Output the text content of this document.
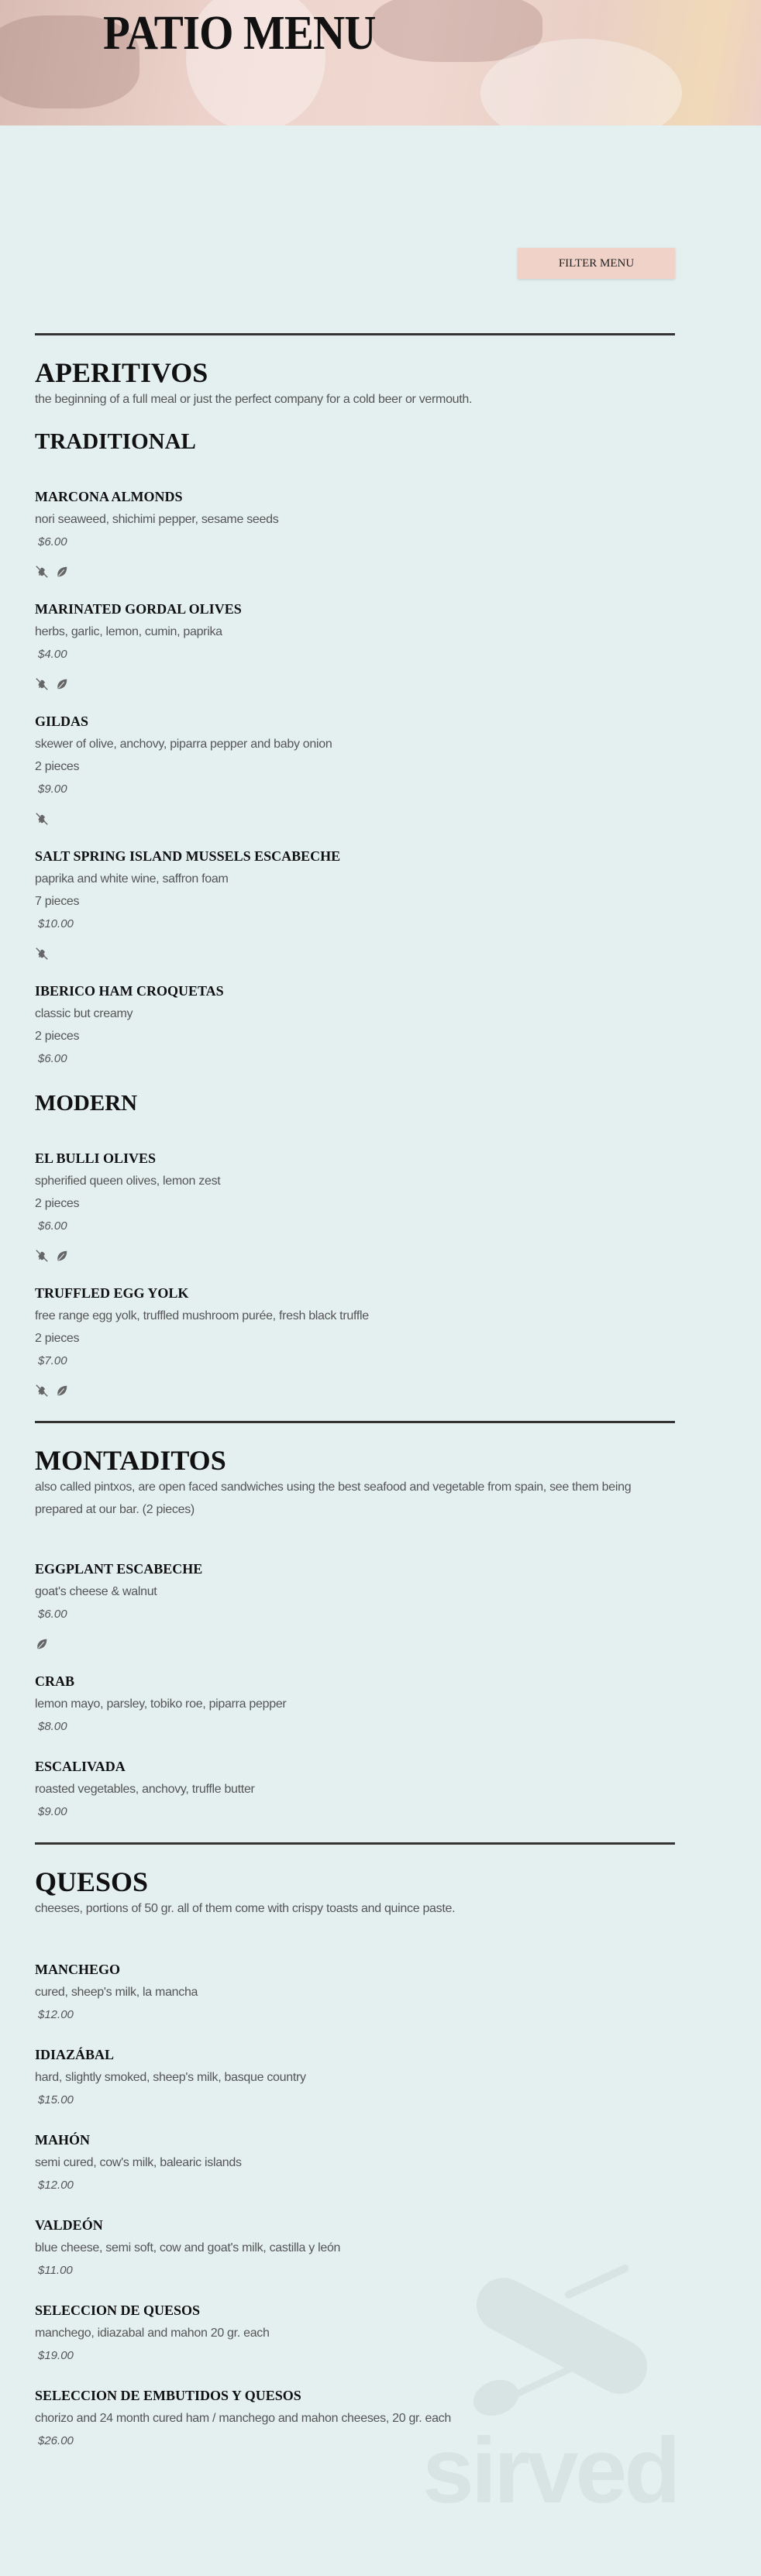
PATIO MENU
FILTER MENU
APERITIVOS
the beginning of a full meal or just the perfect company for a cold beer or vermouth.
TRADITIONAL
MARCONA ALMONDS
nori seaweed, shichimi pepper, sesame seeds
$6.00
MARINATED GORDAL OLIVES
herbs, garlic, lemon, cumin, paprika
$4.00
GILDAS
skewer of olive, anchovy, piparra pepper and baby onion
2 pieces
$9.00
SALT SPRING ISLAND MUSSELS ESCABECHE
paprika and white wine, saffron foam
7 pieces
$10.00
IBERICO HAM CROQUETAS
classic but creamy
2 pieces
$6.00
MODERN
EL BULLI OLIVES
spherified queen olives, lemon zest
2 pieces
$6.00
TRUFFLED EGG YOLK
free range egg yolk, truffled mushroom purée, fresh black truffle
2 pieces
$7.00
MONTADITOS
also called pintxos, are open faced sandwiches using the best seafood and vegetable from spain, see them being prepared at our bar. (2 pieces)
EGGPLANT ESCABECHE
goat's cheese & walnut
$6.00
CRAB
lemon mayo, parsley, tobiko roe, piparra pepper
$8.00
ESCALIVADA
roasted vegetables, anchovy, truffle butter
$9.00
QUESOS
cheeses, portions of 50 gr. all of them come with crispy toasts and quince paste.
MANCHEGO
cured, sheep's milk, la mancha
$12.00
IDIAZÁBAL
hard, slightly smoked, sheep's milk, basque country
$15.00
MAHÓN
semi cured, cow's milk, balearic islands
$12.00
VALDEÓN
blue cheese, semi soft, cow and goat's milk, castilla y león
$11.00
SELECCION DE QUESOS
manchego, idiazabal and mahon 20 gr. each
$19.00
SELECCION DE EMBUTIDOS Y QUESOS
chorizo and 24 month cured ham / manchego and mahon cheeses, 20 gr. each
$26.00	sirved
